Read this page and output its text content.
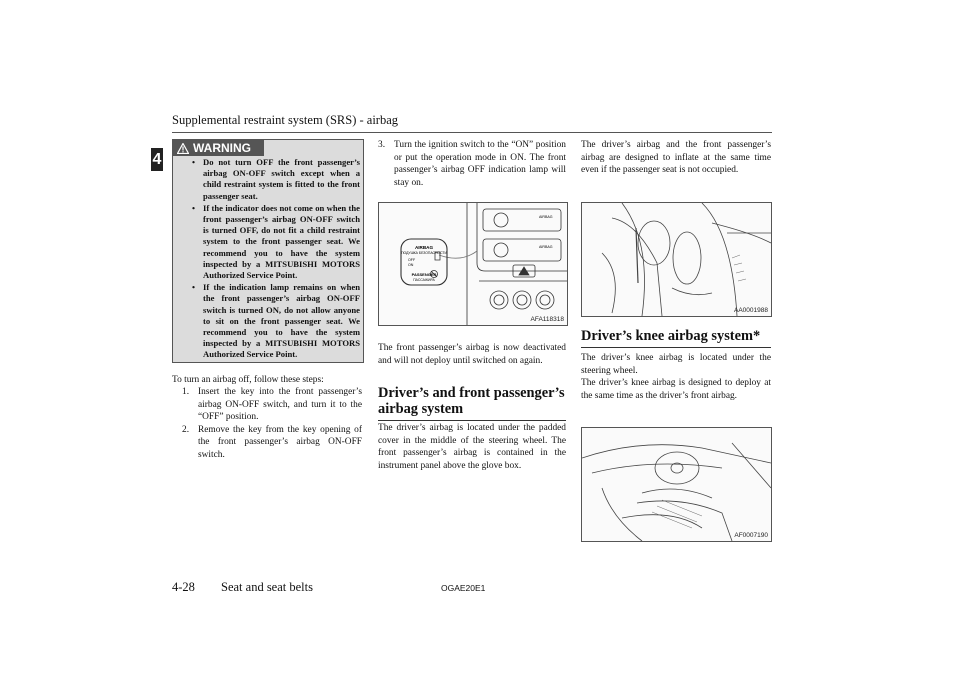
Supplemental restraint system (SRS) - airbag
4
WARNING
• Do not turn OFF the front passenger’s airbag ON-OFF switch except when a child restraint system is fitted to the front passenger seat.
• If the indicator does not come on when the front passenger’s airbag ON-OFF switch is turned OFF, do not fit a child restraint system to the front passenger seat. We recommend you to have the system inspected by a MITSUBISHI MOTORS Authorized Service Point.
• If the indication lamp remains on when the front passenger’s airbag ON-OFF switch is turned ON, do not allow anyone to sit on the front passenger seat. We recommend you to have the system inspected by a MITSUBISHI MOTORS Authorized Service Point.
To turn an airbag off, follow these steps:
1. Insert the key into the front passenger’s airbag ON-OFF switch, and turn it to the “OFF” position.
2. Remove the key from the key opening of the front passenger’s airbag ON-OFF switch.
3. Turn the ignition switch to the “ON” position or put the operation mode in ON. The front passenger’s airbag OFF indication lamp will stay on.
AIRBAG
ПОДУШКА БЕЗОПАСНОСТИ
OFF
ON
PASSENGER
ПАССАЖИРА
AIRBAG
AIRBAG
AFA118318
The front passenger’s airbag is now deactivated and will not deploy until switched on again.
Driver’s and front passenger’s airbag system
The driver’s airbag is located under the padded cover in the middle of the steering wheel. The front passenger’s airbag is contained in the instrument panel above the glove box.
The driver’s airbag and the front passenger’s airbag are designed to inflate at the same time even if the passenger seat is not occupied.
AA0001988
Driver’s knee airbag system*
The driver’s knee airbag is located under the steering wheel.
The driver’s knee airbag is designed to deploy at the same time as the driver’s front airbag.
AF0007190
4-28 Seat and seat belts	OGAE20E1
